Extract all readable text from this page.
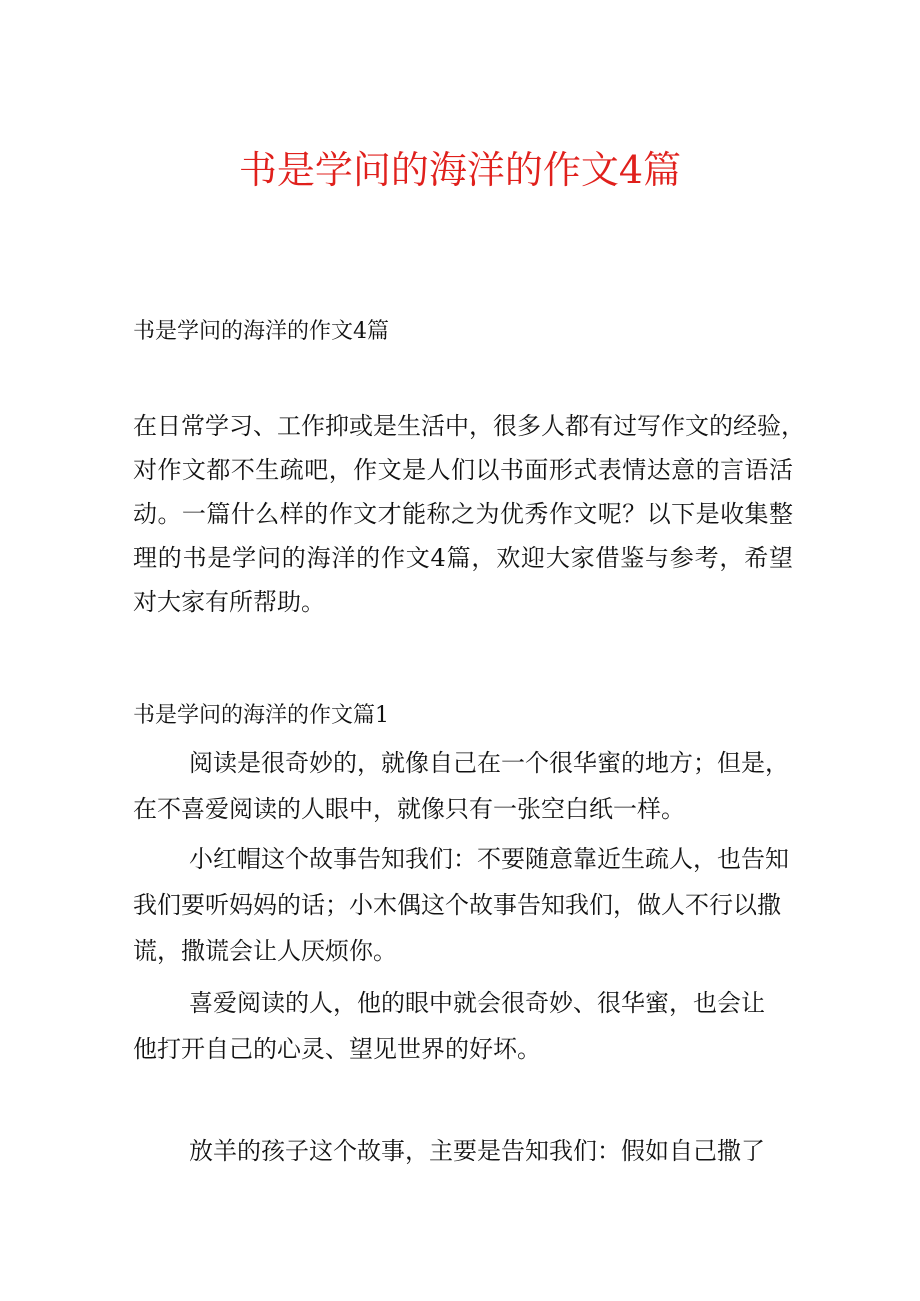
书是学问的海洋的作文4篇
书是学问的海洋的作文4篇
在日常学习、工作抑或是生活中，很多人都有过写作文的经验，
对作文都不生疏吧，作文是人们以书面形式表情达意的言语活
动。一篇什么样的作文才能称之为优秀作文呢？以下是收集整
理的书是学问的海洋的作文4篇，欢迎大家借鉴与参考，希望
对大家有所帮助。
书是学问的海洋的作文篇1
阅读是很奇妙的，就像自己在一个很华蜜的地方；但是，
在不喜爱阅读的人眼中，就像只有一张空白纸一样。
小红帽这个故事告知我们：不要随意靠近生疏人，也告知
我们要听妈妈的话；小木偶这个故事告知我们，做人不行以撒
谎，撒谎会让人厌烦你。
喜爱阅读的人，他的眼中就会很奇妙、很华蜜，也会让
他打开自己的心灵、望见世界的好坏。
放羊的孩子这个故事，主要是告知我们：假如自己撒了
